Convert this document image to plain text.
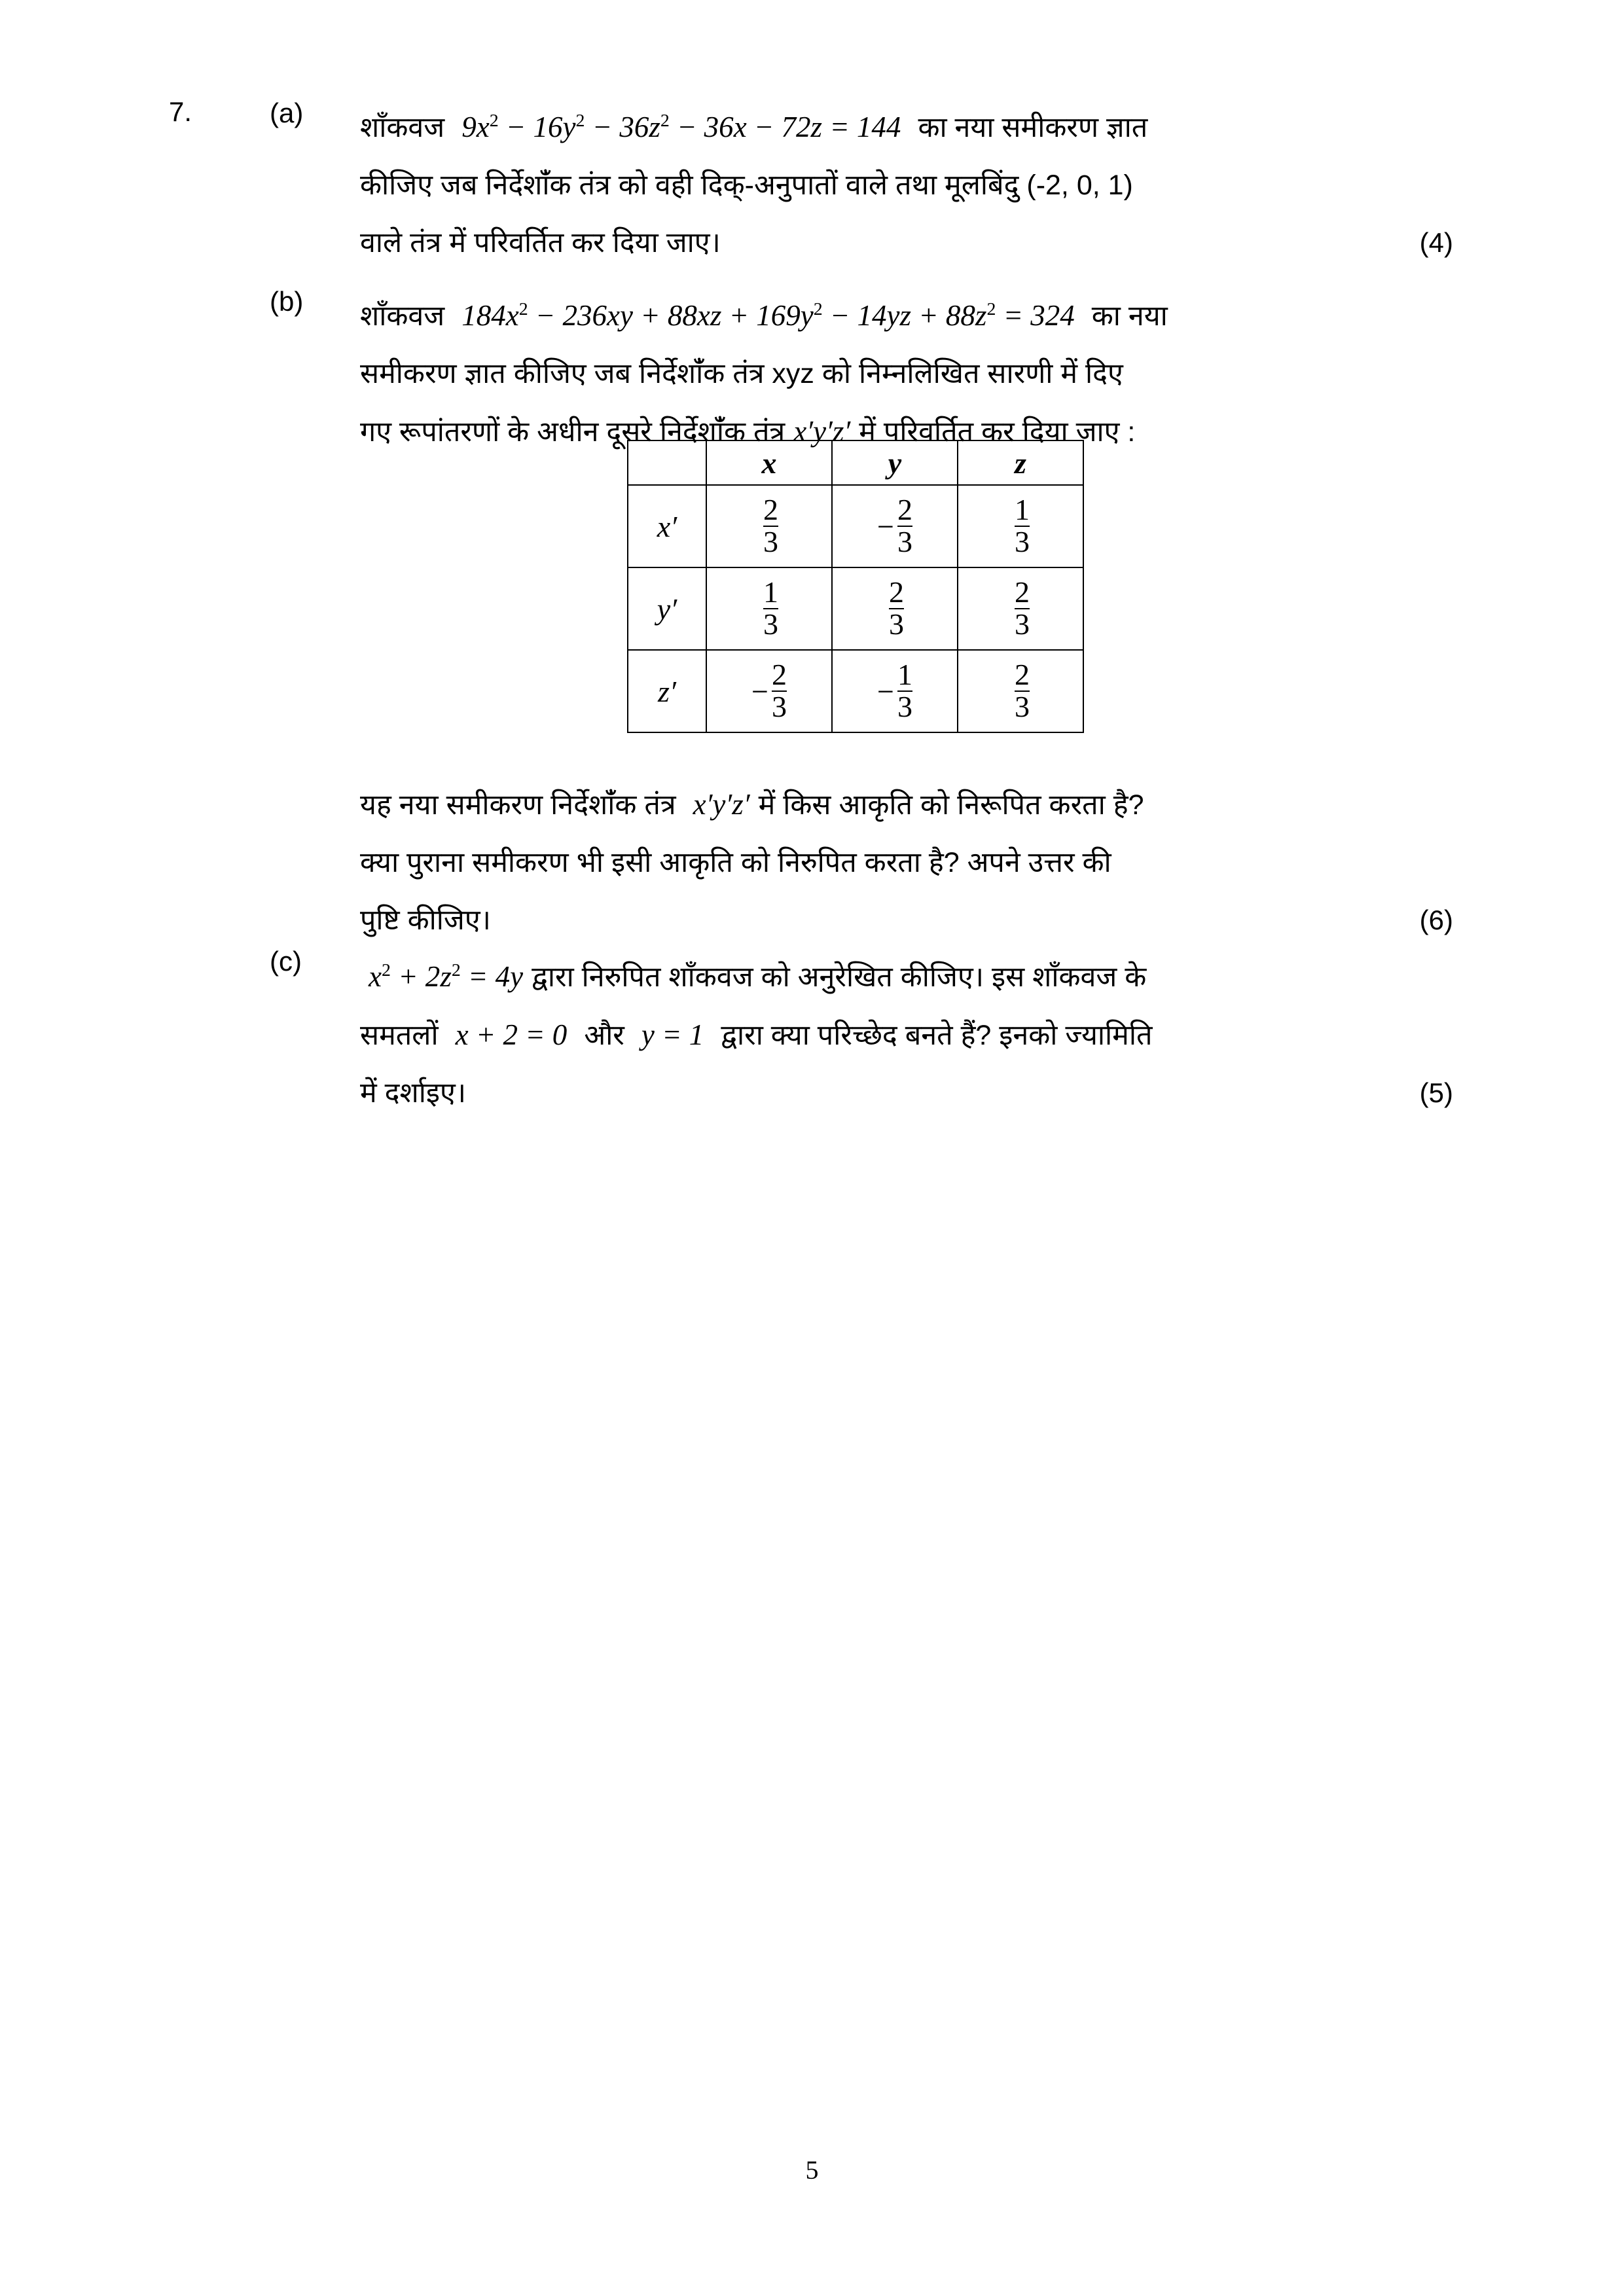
7.	(a) शॉंकवज $9x^2 - 16y^2 - 36z^2 - 36x - 72z = 144$ का नया समीकरण ज्ञात
कीजिए जब निर्देशांँक तंत्र को वही दिक्-अनुपातों वाले तथा मूलबिंदु (-2, 0, 1)
वाले तंत्र में परिवर्तित कर दिया जाए।	(4)
(b) शॉंकवज $184x^2 - 236xy + 88xz + 169y^2 - 14yz + 88z^2 = 324$ का नया
समीकरण ज्ञात कीजिए जब निर्देशांँक तंत्र xyz को निम्नलिखित सारणी में दिए
गए रूपांतरणों के अधीन दूसरे निर्देशांँक तंत्र x′y′z′ में परिवर्तित कर दिया जाए :
	x	y	z
x′	$\frac{2}{3}$	− $\frac{2}{3}$	$\frac{1}{3}$

y′	$\frac{1}{3}$	$\frac{2}{3}$	$\frac{2}{3}$

z′	− $\frac{2}{3}$	− $\frac{1}{3}$	$\frac{2}{3}$
यह नया समीकरण निर्देशांँक तंत्र x′y′z′ में किस आकृति को निरूपित करता है?
क्या पुराना समीकरण भी इसी आकृति को निरुपित करता है? अपने उत्तर की
पुष्टि कीजिए।	(6)
(c) $x^2 + 2z^2 = 4y$ द्वारा निरुपित शॉंकवज को अनुरेखित कीजिए। इस शॉंकवज के
समतलों x + 2 = 0 और y = 1 द्वारा क्या परिच्छेद बनते हैं? इनको ज्यामिति
में दर्शाइए।	(5)
5
